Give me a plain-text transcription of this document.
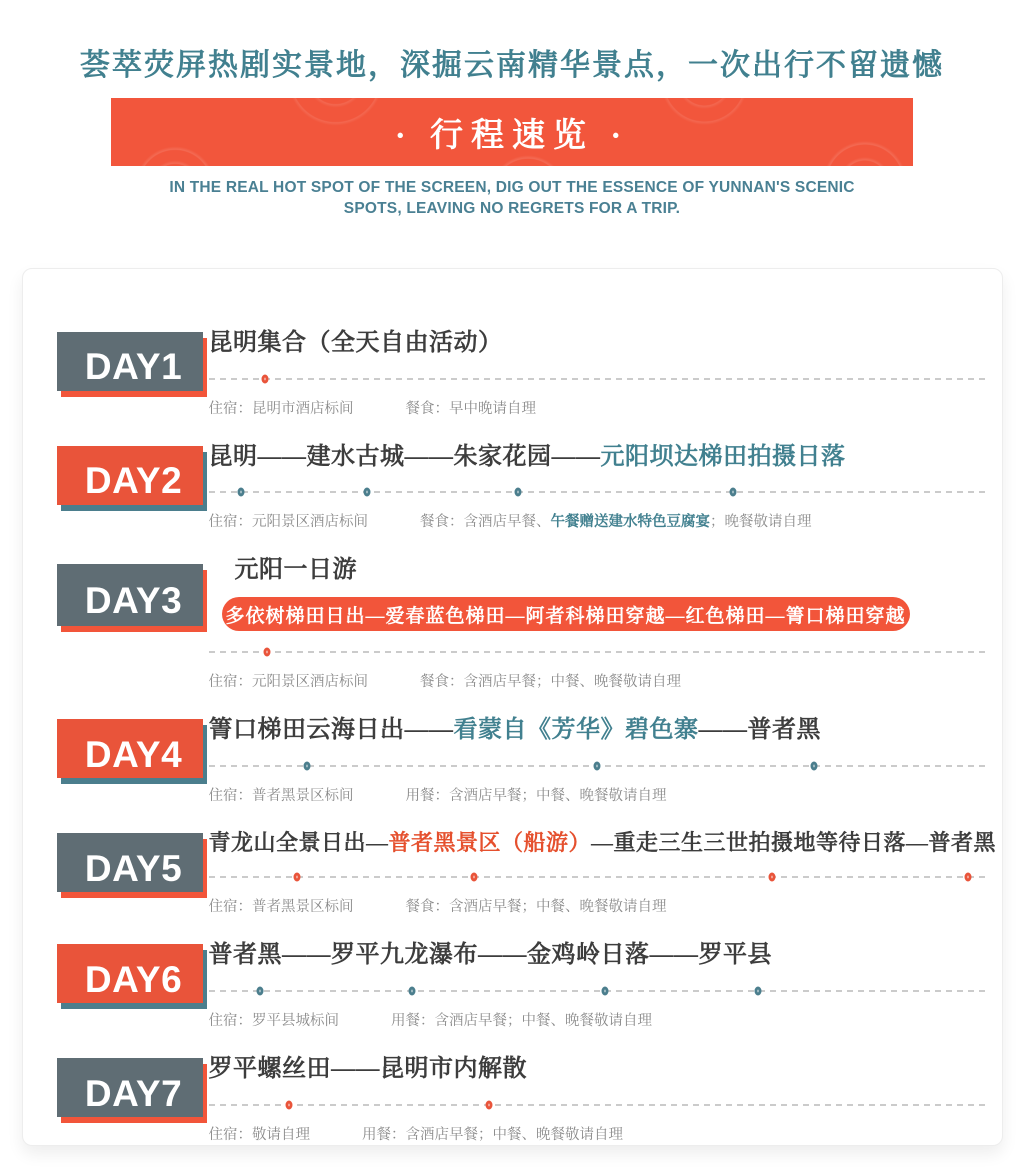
荟萃荧屏热剧实景地，深掘云南精华景点，一次出行不留遗憾
· 行程速览 ·
IN THE REAL HOT SPOT OF THE SCREEN, DIG OUT THE ESSENCE OF YUNNAN'S SCENIC
SPOTS, LEAVING NO REGRETS FOR A TRIP.
DAY1
昆明集合（全天自由活动）
住宿：昆明市酒店标间	餐食：早中晚请自理
DAY2
昆明——建水古城——朱家花园——元阳坝达梯田拍摄日落
住宿：元阳景区酒店标间	餐食：含酒店早餐、午餐赠送建水特色豆腐宴；晚餐敬请自理
DAY3
元阳一日游
多依树梯田日出—爱春蓝色梯田—阿者科梯田穿越—红色梯田—箐口梯田穿越
住宿：元阳景区酒店标间	餐食：含酒店早餐；中餐、晚餐敬请自理
DAY4
箐口梯田云海日出——看蒙自《芳华》碧色寨——普者黑
住宿：普者黑景区标间	用餐：含酒店早餐；中餐、晚餐敬请自理
DAY5
青龙山全景日出—普者黑景区（船游）—重走三生三世拍摄地等待日落—普者黑
住宿：普者黑景区标间	餐食：含酒店早餐；中餐、晚餐敬请自理
DAY6
普者黑——罗平九龙瀑布——金鸡岭日落——罗平县
住宿：罗平县城标间	用餐：含酒店早餐；中餐、晚餐敬请自理
DAY7
罗平螺丝田——昆明市内解散
住宿：敬请自理	用餐：含酒店早餐；中餐、晚餐敬请自理
